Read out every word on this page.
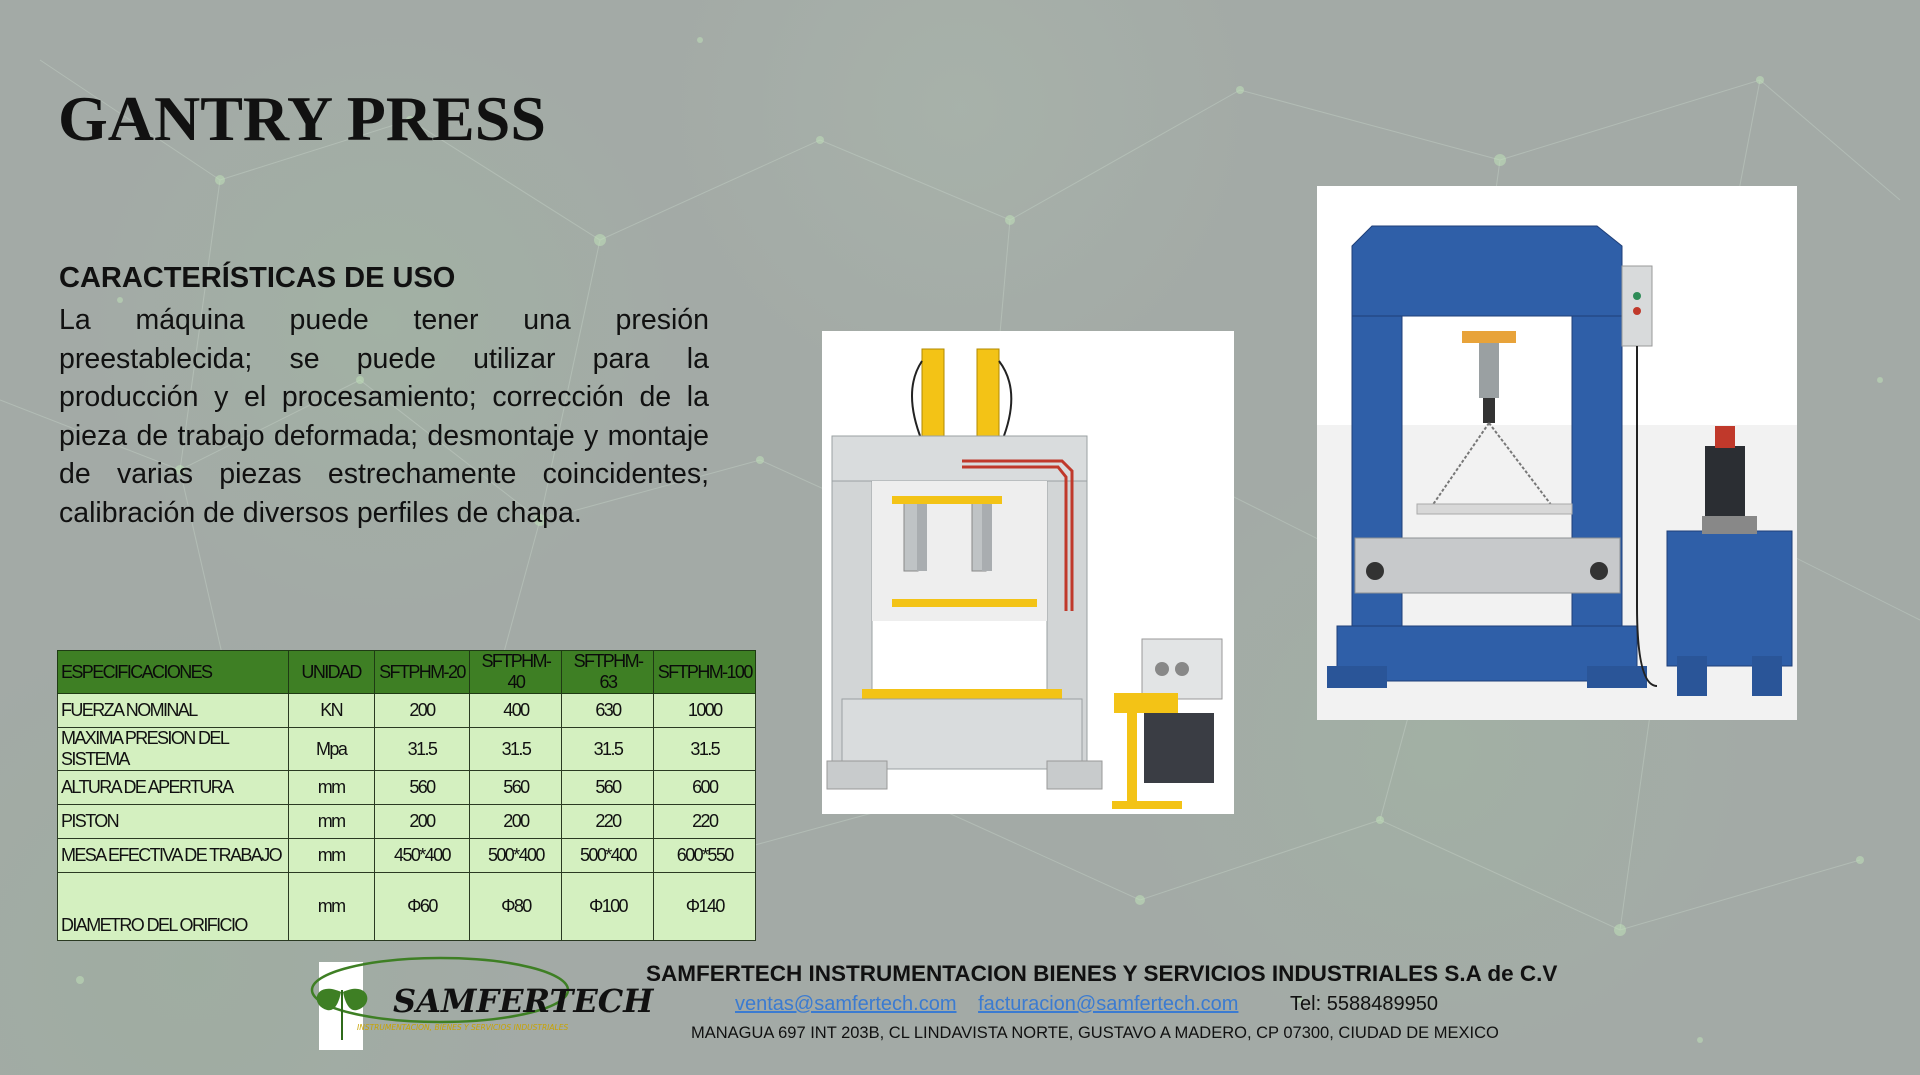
GANTRY PRESS
CARACTERÍSTICAS DE USO

La máquina puede tener una presión preestablecida; se puede utilizar para la producción y el procesamiento; corrección de la pieza de trabajo deformada; desmontaje y montaje de varias piezas estrechamente coincidentes; calibración de diversos perfiles de chapa.

ESPECIFICACIONES	UNIDAD	SFTPHM-20	SFTPHM-40	SFTPHM-63	SFTPHM-100
FUERZA NOMINAL	KN	200	400	630	1000
MAXIMA PRESION DEL SISTEMA	Mpa	31.5	31.5	31.5	31.5
ALTURA DE APERTURA	mm	560	560	560	600
PISTON	mm	200	200	220	220
MESA EFECTIVA DE TRABAJO	mm	450*400	500*400	500*400	600*550
DIAMETRO DEL ORIFICIO	mm	Φ60	Φ80	Φ100	Φ140
SAMFERTECH
INSTRUMENTACION, BIENES Y SERVICIOS INDUSTRIALES
SAMFERTECH INSTRUMENTACION BIENES Y SERVICIOS INDUSTRIALES S.A de C.V
ventas@samfertech.com facturacion@samfertech.com	Tel: 5588489950
MANAGUA 697 INT 203B, CL LINDAVISTA NORTE, GUSTAVO A MADERO, CP 07300, CIUDAD DE MEXICO
